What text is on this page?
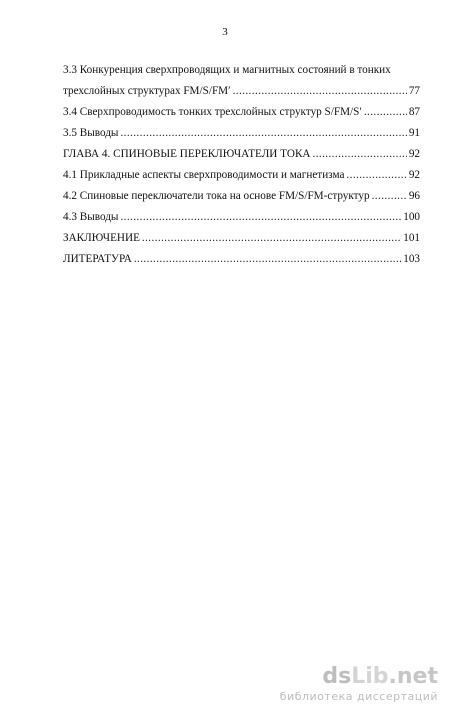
3
3.3 Конкуренция сверхпроводящих и магнитных состояний в тонких
трехслойных структурах FM/S/FM′ .....	77
3.4 Сверхпроводимость тонких трехслойных структур S/FM/S′ .....	87
3.5 Выводы .....	91
ГЛАВА 4. СПИНОВЫЕ ПЕРЕКЛЮЧАТЕЛИ ТОКА .....	92
4.1 Прикладные аспекты сверхпроводимости и магнетизма .....	92
4.2 Спиновые переключатели тока на основе FM/S/FM-структур .....	96
4.3 Выводы .....	100
ЗАКЛЮЧЕНИЕ .....	101
ЛИТЕРАТУРА .....	103
dsLib.net
библиотека диссертаций
